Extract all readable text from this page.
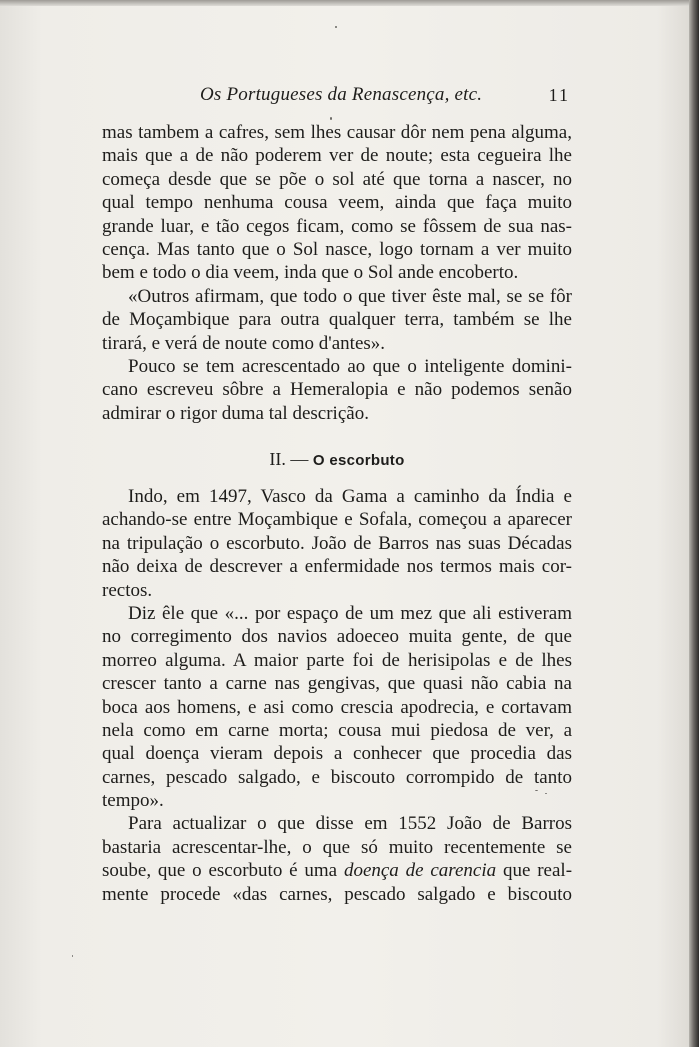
Os Portugueses da Renascença, etc.	11
mas tambem a cafres, sem lhes causar dôr nem pena alguma,
mais que a de não poderem ver de noute; esta cegueira lhe
começa desde que se põe o sol até que torna a nascer, no
qual tempo nenhuma cousa veem, ainda que faça muito
grande luar, e tão cegos ficam, como se fôssem de sua nas-
cença. Mas tanto que o Sol nasce, logo tornam a ver muito
bem e todo o dia veem, inda que o Sol ande encoberto.
«Outros afirmam, que todo o que tiver êste mal, se se fôr
de Moçambique para outra qualquer terra, também se lhe
tirará, e verá de noute como d'antes».
Pouco se tem acrescentado ao que o inteligente domini-
cano escreveu sôbre a Hemeralopia e não podemos senão
admirar o rigor duma tal descrição.
II. — O escorbuto
Indo, em 1497, Vasco da Gama a caminho da Índia e
achando-se entre Moçambique e Sofala, começou a aparecer
na tripulação o escorbuto. João de Barros nas suas Décadas
não deixa de descrever a enfermidade nos termos mais cor-
rectos.
Diz êle que «... por espaço de um mez que ali estiveram
no corregimento dos navios adoeceo muita gente, de que
morreo alguma. A maior parte foi de herisipolas e de lhes
crescer tanto a carne nas gengivas, que quasi não cabia na
boca aos homens, e asi como crescia apodrecia, e cortavam
nela como em carne morta; cousa mui piedosa de ver, a
qual doença vieram depois a conhecer que procedia das
carnes, pescado salgado, e biscouto corrompido de tanto
tempo».
Para actualizar o que disse em 1552 João de Barros
bastaria acrescentar-lhe, o que só muito recentemente se
soube, que o escorbuto é uma doença de carencia que real-
mente procede «das carnes, pescado salgado e biscouto
